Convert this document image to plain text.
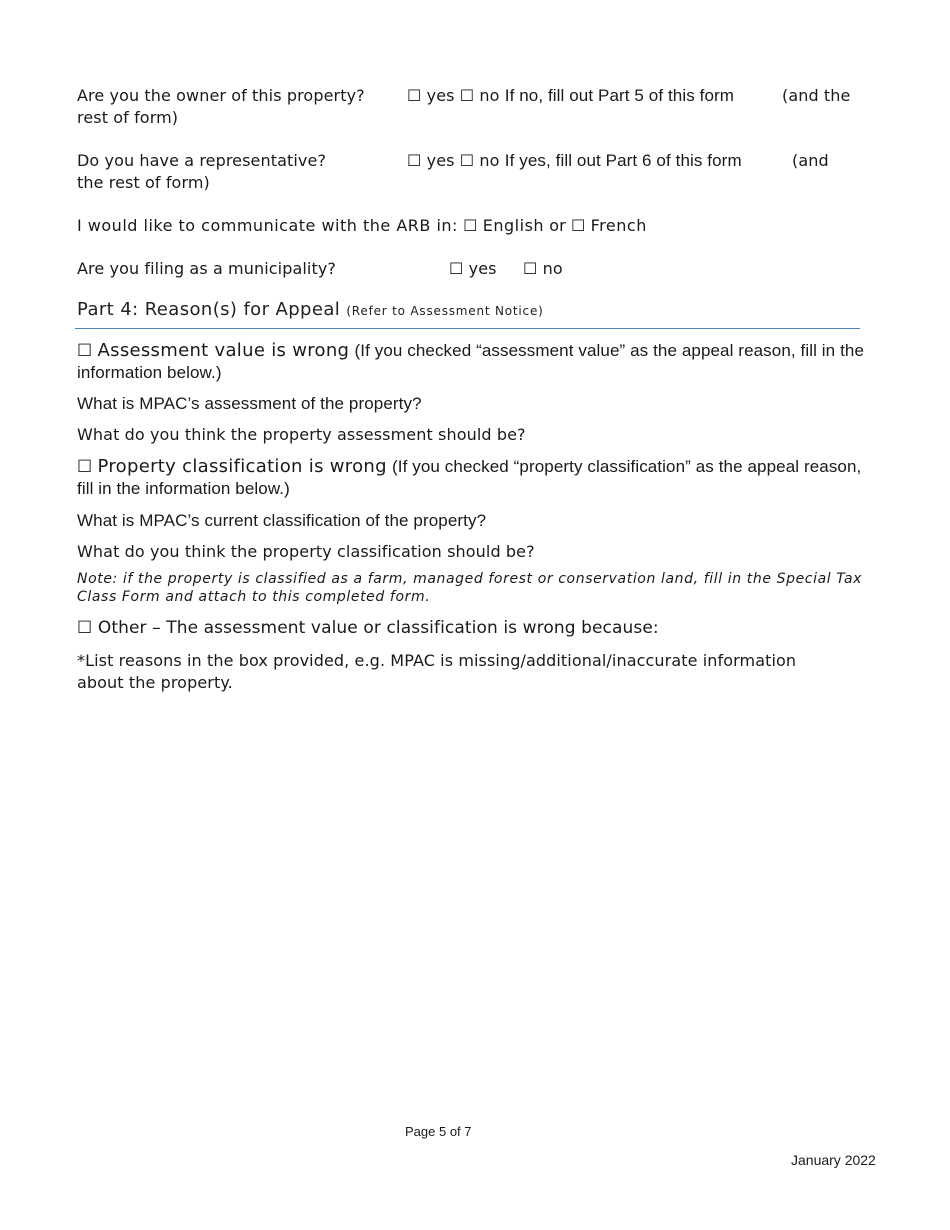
Are you the owner of this property?	☐ yes ☐ no If no, fill out Part 5 of this form	(and the
rest of form)
Do you have a representative?	☐ yes ☐ no If yes, fill out Part 6 of this form	(and
the rest of form)
I would like to communicate with the ARB in: ☐ English or ☐ French
Are you filing as a municipality?	☐ yes ☐ no
Part 4: Reason(s) for Appeal (Refer to Assessment Notice)
☐ Assessment value is wrong (If you checked “assessment value” as the appeal reason, fill in the information below.)
What is MPAC’s assessment of the property?
What do you think the property assessment should be?
☐ Property classification is wrong (If you checked “property classification” as the appeal reason, fill in the information below.)
What is MPAC’s current classification of the property?
What do you think the property classification should be?
Note: if the property is classified as a farm, managed forest or conservation land, fill in the Special Tax Class Form and attach to this completed form.
☐ Other – The assessment value or classification is wrong because:
*List reasons in the box provided, e.g. MPAC is missing/additional/inaccurate information about the property.
Page 5 of 7
January 2022
